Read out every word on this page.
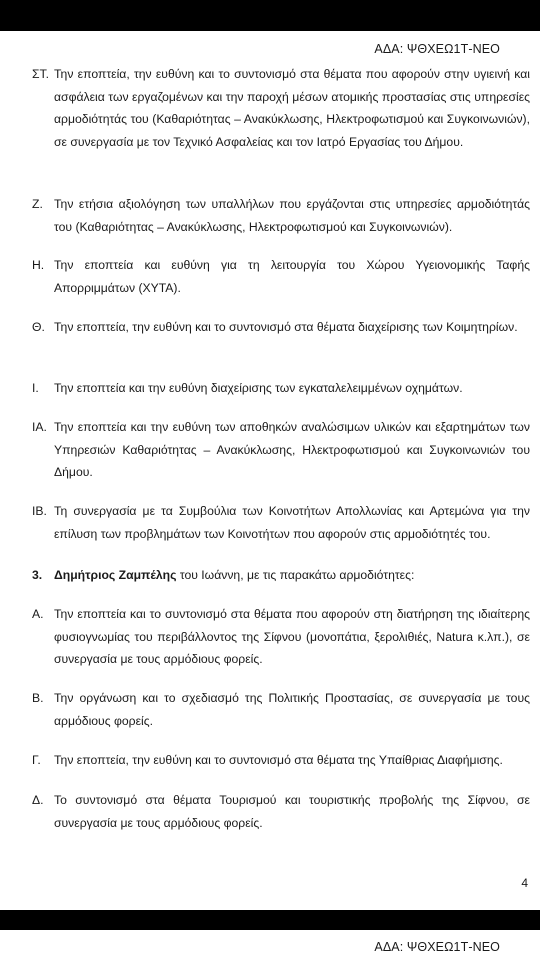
ΑΔΑ: ΨΘΧΕΩ1Τ-ΝΕΟ
ΣΤ. Την εποπτεία, την ευθύνη και το συντονισμό στα θέματα που αφορούν στην υγιεινή και ασφάλεια των εργαζομένων και την παροχή μέσων ατομικής προστασίας στις υπηρεσίες αρμοδιότητάς του (Καθαριότητας – Ανακύκλωσης, Ηλεκτροφωτισμού και Συγκοινωνιών), σε συνεργασία με τον Τεχνικό Ασφαλείας και τον Ιατρό Εργασίας του Δήμου.
Ζ. Την ετήσια αξιολόγηση των υπαλλήλων που εργάζονται στις υπηρεσίες αρμοδιότητάς του (Καθαριότητας – Ανακύκλωσης, Ηλεκτροφωτισμού και Συγκοινωνιών).
Η. Την εποπτεία και ευθύνη για τη λειτουργία του Χώρου Υγειονομικής Ταφής Απορριμμάτων (ΧΥΤΑ).
Θ. Την εποπτεία, την ευθύνη και το συντονισμό στα θέματα διαχείρισης των Κοιμητηρίων.
Ι. Την εποπτεία και την ευθύνη διαχείρισης των εγκαταλελειμμένων οχημάτων.
ΙΑ. Την εποπτεία και την ευθύνη των αποθηκών αναλώσιμων υλικών και εξαρτημάτων των Υπηρεσιών Καθαριότητας – Ανακύκλωσης, Ηλεκτροφωτισμού και Συγκοινωνιών του Δήμου.
ΙΒ. Τη συνεργασία με τα Συμβούλια των Κοινοτήτων Απολλωνίας και Αρτεμώνα για την επίλυση των προβλημάτων των Κοινοτήτων που αφορούν στις αρμοδιότητές του.
3. Δημήτριος Ζαμπέλης του Ιωάννη, με τις παρακάτω αρμοδιότητες:
Α. Την εποπτεία και το συντονισμό στα θέματα που αφορούν στη διατήρηση της ιδιαίτερης φυσιογνωμίας του περιβάλλοντος της Σίφνου (μονοπάτια, ξερολιθιές, Natura κ.λπ.), σε συνεργασία με τους αρμόδιους φορείς.
Β. Την οργάνωση και το σχεδιασμό της Πολιτικής Προστασίας, σε συνεργασία με τους αρμόδιους φορείς.
Γ. Την εποπτεία, την ευθύνη και το συντονισμό στα θέματα της Υπαίθριας Διαφήμισης.
Δ. Το συντονισμό στα θέματα Τουρισμού και τουριστικής προβολής της Σίφνου, σε συνεργασία με τους αρμόδιους φορείς.
4
ΑΔΑ: ΨΘΧΕΩ1Τ-ΝΕΟ
